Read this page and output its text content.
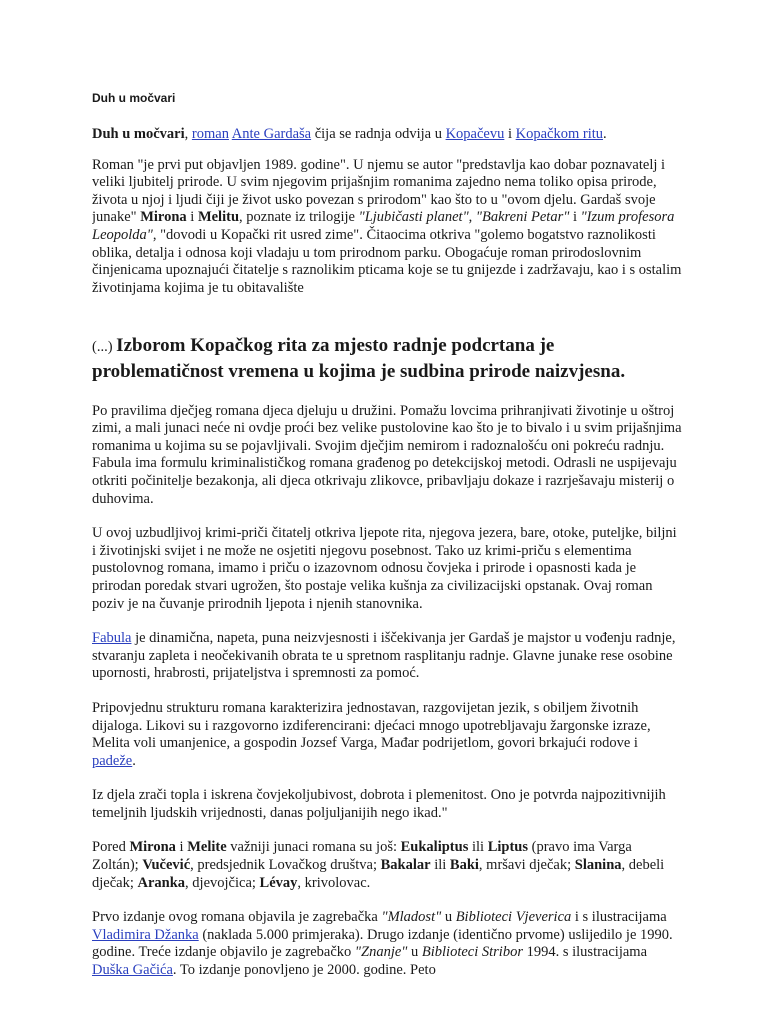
Duh u močvari

Duh u močvari, roman Ante Gardaša čija se radnja odvija u Kopačevu i Kopačkom ritu.

Roman "je prvi put objavljen 1989. godine". U njemu se autor "predstavlja kao dobar poznavatelj i veliki ljubitelj prirode. U svim njegovim prijašnjim romanima zajedno nema toliko opisa prirode, života u njoj i ljudi čiji je život usko povezan s prirodom" kao što to u "ovom djelu. Gardaš svoje junake" Mirona i Melitu, poznate iz trilogije "Ljubičasti planet", "Bakreni Petar" i "Izum profesora Leopolda", "dovodi u Kopački rit usred zime". Čitaocima otkriva "golemo bogatstvo raznolikosti oblika, detalja i odnosa koji vladaju u tom prirodnom parku. Obogaćuje roman prirodoslovnim činjenicama upoznajući čitatelje s raznolikim pticama koje se tu gnijezde i zadržavaju, kao i s ostalim životinjama kojima je tu obitavalište

(...) Izborom Kopačkog rita za mjesto radnje podcrtana je problematičnost vremena u kojima je sudbina prirode naizvjesna.

Po pravilima dječjeg romana djeca djeluju u družini. Pomažu lovcima prihranjivati životinje u oštroj zimi, a mali junaci neće ni ovdje proći bez velike pustolovine kao što je to bivalo i u svim prijašnjima romanima u kojima su se pojavljivali. Svojim dječjim nemirom i radoznalošću oni pokreću radnju. Fabula ima formulu kriminalističkog romana građenog po detekcijskoj metodi. Odrasli ne uspijevaju otkriti počinitelje bezakonja, ali djeca otkrivaju zlikovce, pribavljaju dokaze i razrješavaju misterij o duhovima.

U ovoj uzbudljivoj krimi-priči čitatelj otkriva ljepote rita, njegova jezera, bare, otoke, puteljke, biljni i životinjski svijet i ne može ne osjetiti njegovu posebnost. Tako uz krimi-priču s elementima pustolovnog romana, imamo i priču o izazovnom odnosu čovjeka i prirode i opasnosti kada je prirodan poredak stvari ugrožen, što postaje velika kušnja za civilizacijski opstanak. Ovaj roman poziv je na čuvanje prirodnih ljepota i njenih stanovnika.

Fabula je dinamična, napeta, puna neizvjesnosti i iščekivanja jer Gardaš je majstor u vođenju radnje, stvaranju zapleta i neočekivanih obrata te u spretnom rasplitanju radnje. Glavne junake rese osobine upornosti, hrabrosti, prijateljstva i spremnosti za pomoć.

Pripovjednu strukturu romana karakterizira jednostavan, razgovijetan jezik, s obiljem životnih dijaloga. Likovi su i razgovorno izdiferencirani: djećaci mnogo upotrebljavaju žargonske izraze, Melita voli umanjenice, a gospodin Jozsef Varga, Mađar podrijetlom, govori brkajući rodove i padeže.

Iz djela zrači topla i iskrena čovjekoljubivost, dobrota i plemenitost. Ono je potvrda najpozitivnijih temeljnih ljudskih vrijednosti, danas poljuljanijih nego ikad."

Pored Mirona i Melite važniji junaci romana su još: Eukaliptus ili Liptus (pravo ima Varga Zoltán); Vučević, predsjednik Lovačkog društva; Bakalar ili Baki, mršavi dječak; Slanina, debeli dječak; Aranka, djevojčica; Lévay, krivolovac.

Prvo izdanje ovog romana objavila je zagrebačka "Mladost" u Biblioteci Vjeverica i s ilustracijama Vladimira Džanka (naklada 5.000 primjeraka). Drugo izdanje (identično prvome) uslijedilo je 1990. godine. Treće izdanje objavilo je zagrebačko "Znanje" u Biblioteci Stribor 1994. s ilustracijama Duška Gačića. To izdanje ponovljeno je 2000. godine. Peto
